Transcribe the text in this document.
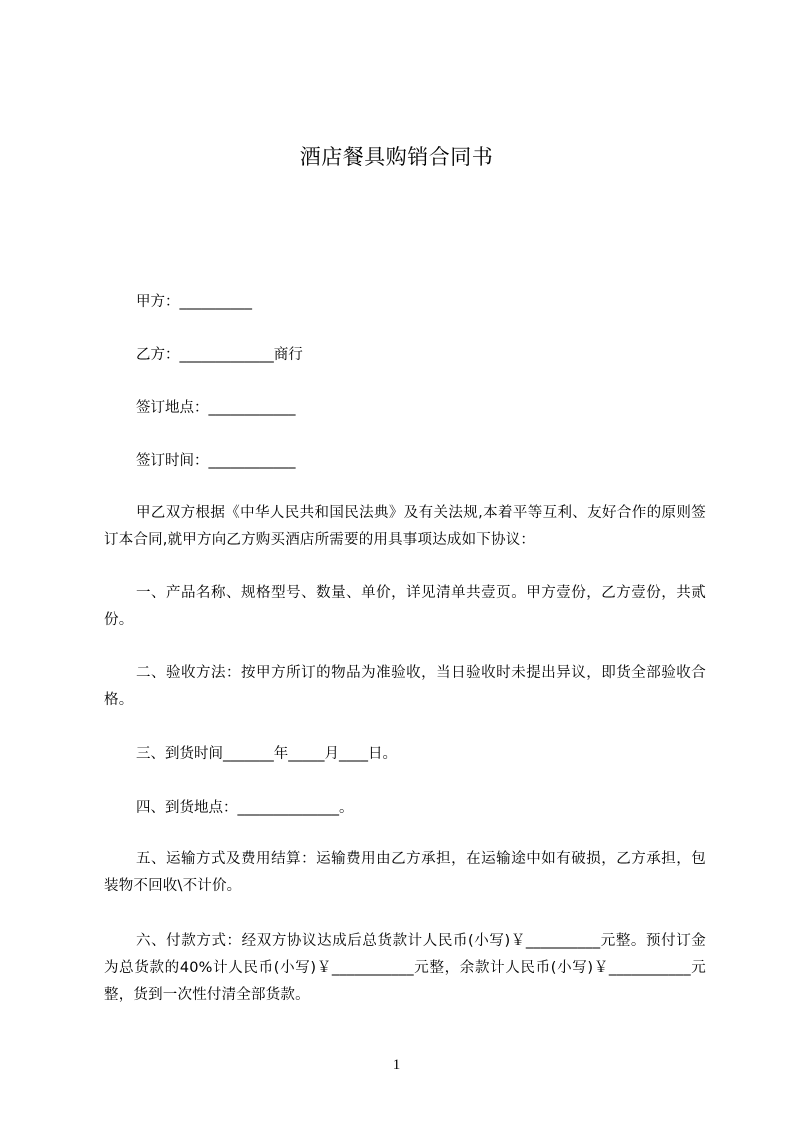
酒店餐具购销合同书
甲方：__________
乙方：_____________商行
签订地点：____________
签订时间：____________
甲乙双方根据《中华人民共和国民法典》及有关法规,本着平等互利、友好合作的原则签订本合同,就甲方向乙方购买酒店所需要的用具事项达成如下协议：
一、产品名称、规格型号、数量、单价，详见清单共壹页。甲方壹份，乙方壹份，共贰份。
二、验收方法：按甲方所订的物品为准验收，当日验收时未提出异议，即货全部验收合格。
三、到货时间_______年_____月____日。
四、到货地点：______________。
五、运输方式及费用结算：运输费用由乙方承担，在运输途中如有破损，乙方承担，包装物不回收\不计价。
六、付款方式：经双方协议达成后总货款计人民币(小写)￥__________元整。预付订金为总货款的40%计人民币(小写)￥___________元整，余款计人民币(小写)￥___________元整，货到一次性付清全部货款。
1
